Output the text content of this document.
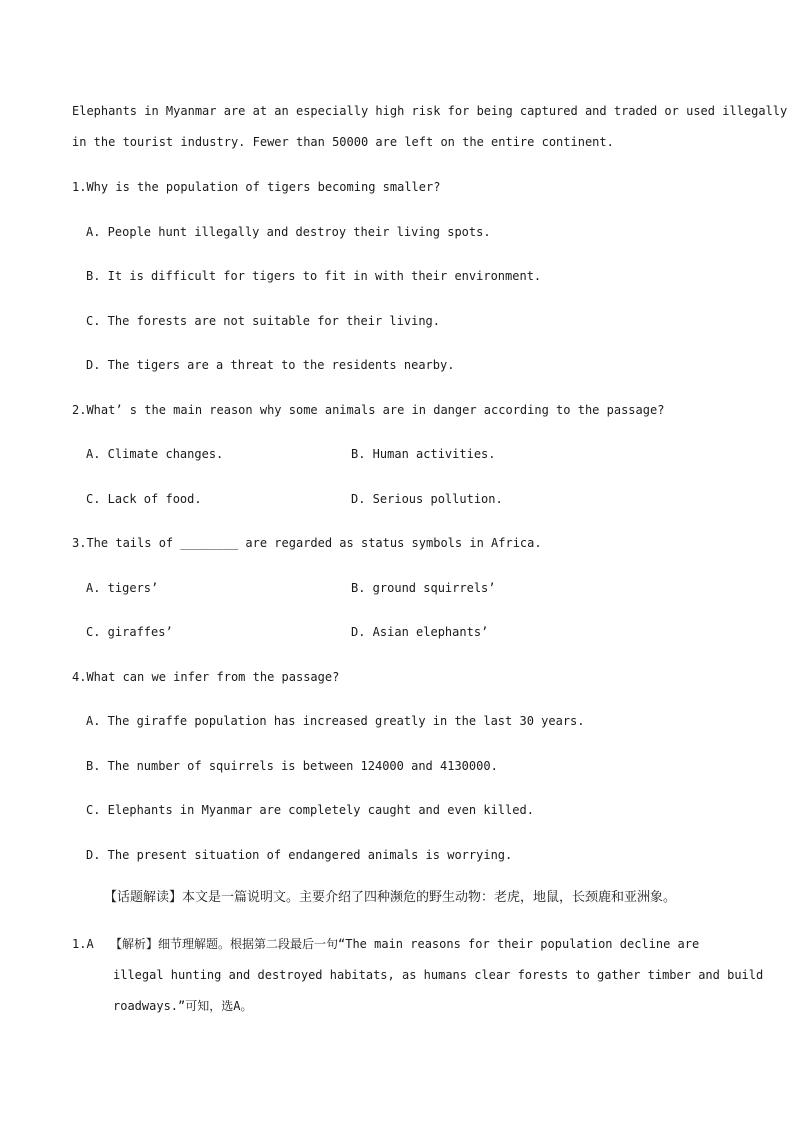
Elephants in Myanmar are at an especially high risk for being captured and traded or used illegally
in the tourist industry. Fewer than 50000 are left on the entire continent.
1.Why is the population of tigers becoming smaller?
A. People hunt illegally and destroy their living spots.
B. It is difficult for tigers to fit in with their environment.
C. The forests are not suitable for their living.
D. The tigers are a threat to the residents nearby.
2.What’ s the main reason why some animals are in danger according to the passage?
A. Climate changes.	B. Human activities.
C. Lack of food.	D. Serious pollution.
3.The tails of ________ are regarded as status symbols in Africa.
A. tigers’	B. ground squirrels’
C. giraffes’	D. Asian elephants’
4.What can we infer from the passage?
A. The giraffe population has increased greatly in the last 30 years.
B. The number of squirrels is between 124000 and 4130000.
C. Elephants in Myanmar are completely caught and even killed.
D. The present situation of endangered animals is worrying.
【话题解读】本文是一篇说明文。主要介绍了四种濒危的野生动物：老虎，地鼠，长颈鹿和亚洲象。
1.A 【解析】细节理解题。根据第二段最后一句“The main reasons for their population decline are
illegal hunting and destroyed habitats, as humans clear forests to gather timber and build
roadways.”可知，选A。
